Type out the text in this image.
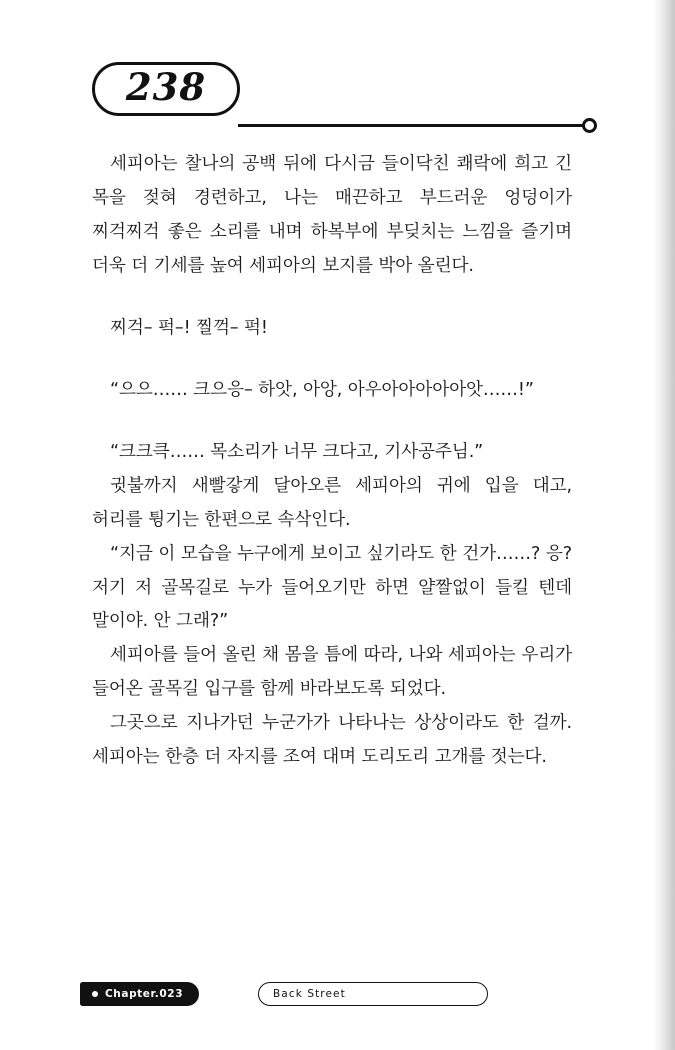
238

세피아는 찰나의 공백 뒤에 다시금 들이닥친 쾌락에 희고 긴 목을 젖혀 경련하고, 나는 매끈하고 부드러운 엉덩이가 찌걱찌걱 좋은 소리를 내며 하복부에 부딪치는 느낌을 즐기며 더욱 더 기세를 높여 세피아의 보지를 박아 올린다.

찌걱– 퍽–! 찔꺽– 퍽!

“으으…… 크으응– 하앗, 아앙, 아우아아아아아앗……!”

“크크큭…… 목소리가 너무 크다고, 기사공주님.”

귓불까지 새빨갛게 달아오른 세피아의 귀에 입을 대고, 허리를 튕기는 한편으로 속삭인다.

“지금 이 모습을 누구에게 보이고 싶기라도 한 건가……? 응? 저기 저 골목길로 누가 들어오기만 하면 얄짤없이 들킬 텐데 말이야. 안 그래?”

세피아를 들어 올린 채 몸을 틈에 따라, 나와 세피아는 우리가 들어온 골목길 입구를 함께 바라보도록 되었다.

그곳으로 지나가던 누군가가 나타나는 상상이라도 한 걸까. 세피아는 한층 더 자지를 조여 대며 도리도리 고개를 젓는다.

Chapter.023	Back Street
